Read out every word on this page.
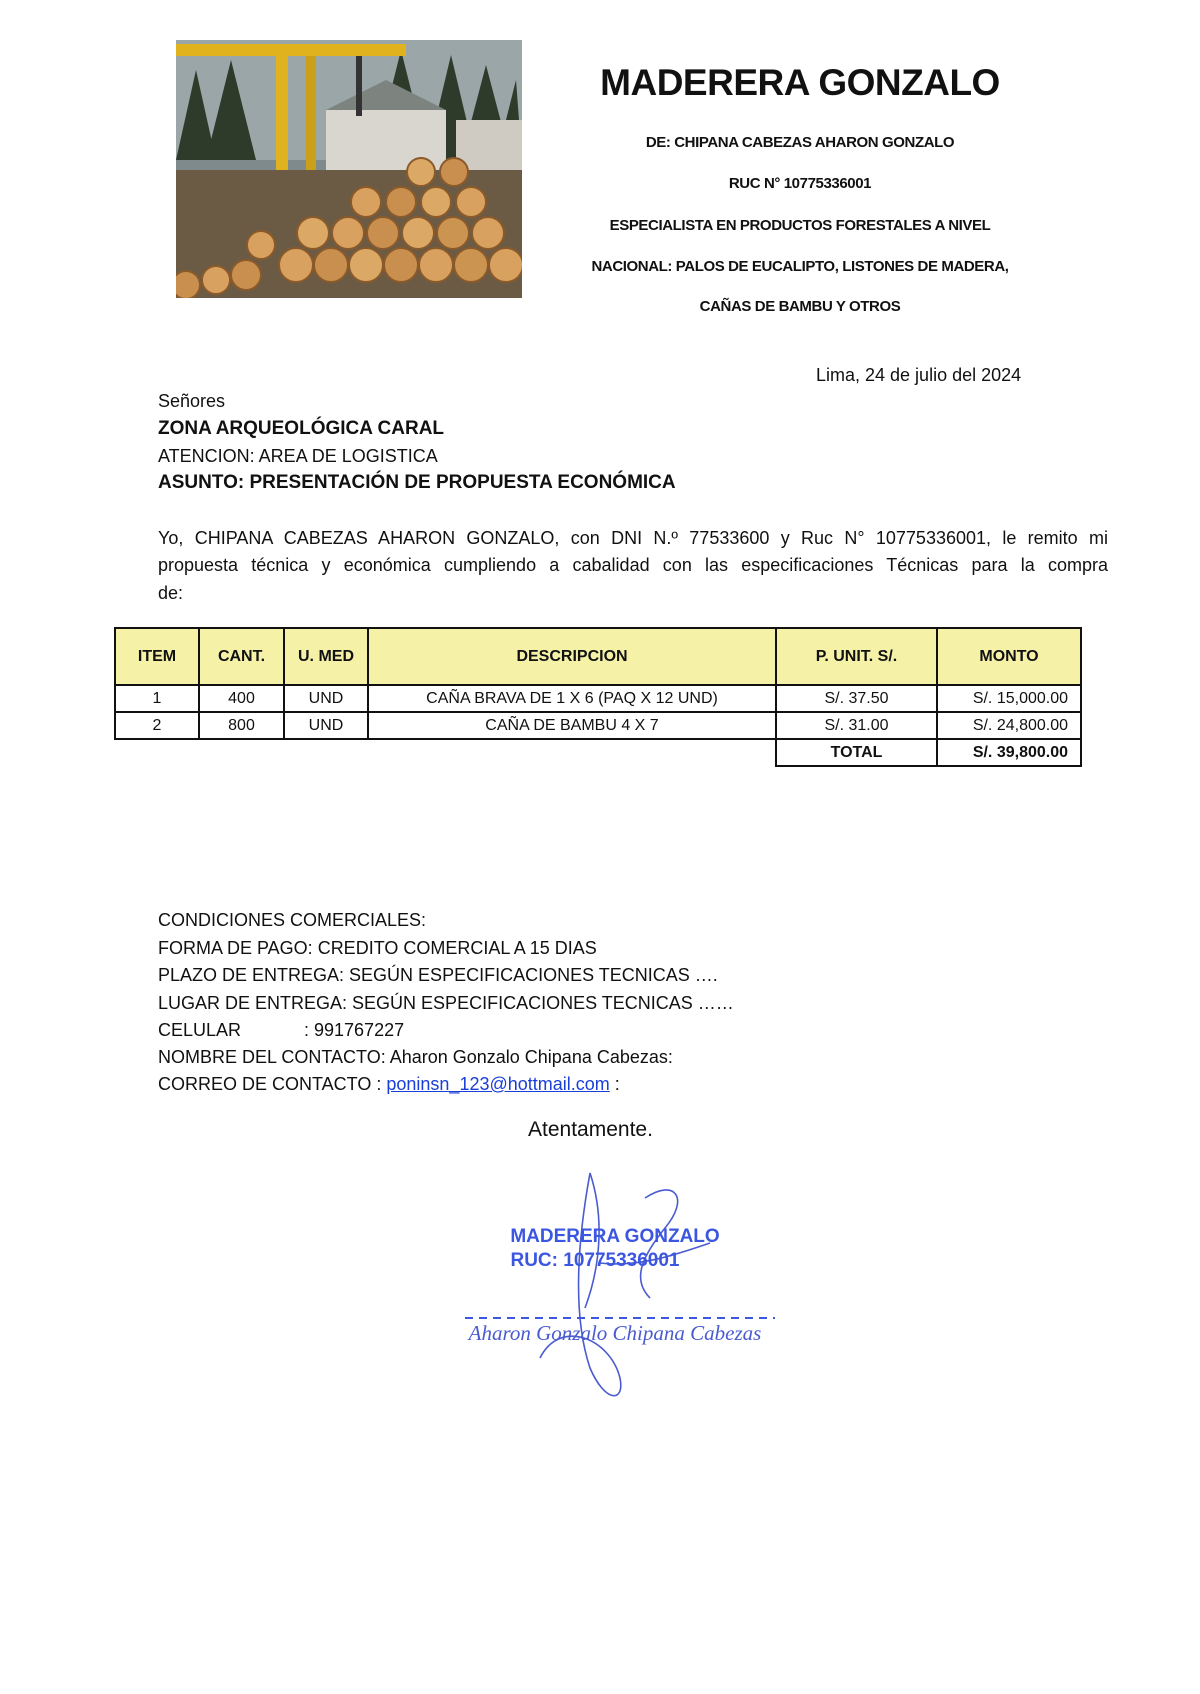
MADERERA GONZALO
DE: CHIPANA CABEZAS AHARON GONZALO
RUC N° 10775336001
ESPECIALISTA EN PRODUCTOS FORESTALES A NIVEL
NACIONAL: PALOS DE EUCALIPTO, LISTONES DE MADERA,
CAÑAS DE BAMBU Y OTROS
Lima, 24 de julio del 2024
Señores
ZONA ARQUEOLÓGICA CARAL
ATENCION: AREA DE LOGISTICA
ASUNTO: PRESENTACIÓN DE PROPUESTA ECONÓMICA
Yo, CHIPANA CABEZAS AHARON GONZALO, con DNI N.º 77533600 y Ruc N° 10775336001, le remito mi
propuesta técnica y económica cumpliendo a cabalidad con las especificaciones Técnicas para la compra
de:
ITEM	CANT.	U. MED	DESCRIPCION	P. UNIT. S/.	MONTO
1	400	UND	CAÑA BRAVA DE 1 X 6 (PAQ X 12 UND)	S/. 37.50	S/. 15,000.00
2	800	UND	CAÑA DE BAMBU 4 X 7	S/. 31.00	S/. 24,800.00
				TOTAL	S/. 39,800.00
CONDICIONES COMERCIALES:
FORMA DE PAGO: CREDITO COMERCIAL A 15 DIAS
PLAZO DE ENTREGA: SEGÚN ESPECIFICACIONES TECNICAS ….
LUGAR DE ENTREGA: SEGÚN ESPECIFICACIONES TECNICAS ……
CELULAR	: 991767227
NOMBRE DEL CONTACTO: Aharon Gonzalo Chipana Cabezas:
CORREO DE CONTACTO : poninsn_123@hottmail.com :
Atentamente.
MADERERA GONZALO
RUC: 10775336001
Aharon Gonzalo Chipana Cabezas
